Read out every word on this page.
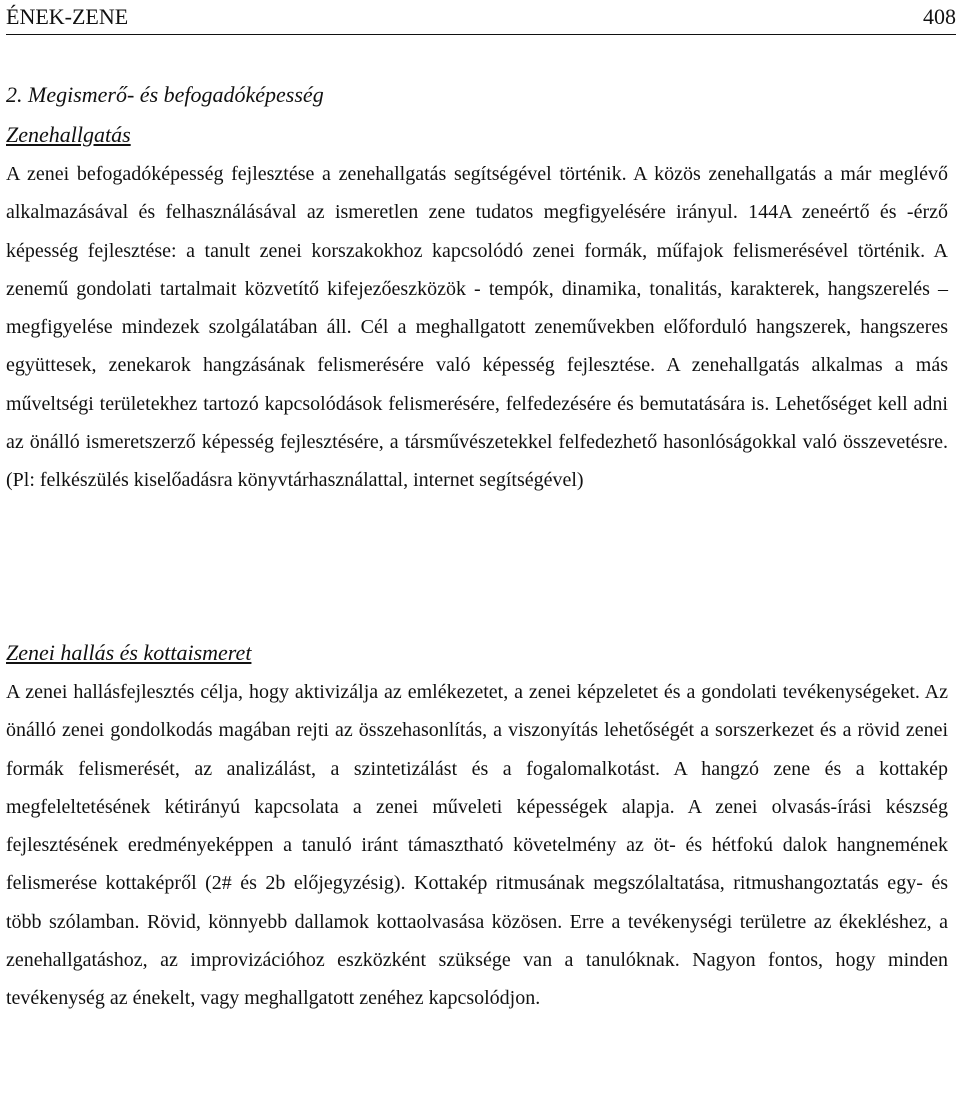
ÉNEK-ZENE	408
2. Megismerő- és befogadóképesség
Zenehallgatás
A zenei befogadóképesség fejlesztése a zenehallgatás segítségével történik. A közös zenehallgatás a már meglévő alkalmazásával és felhasználásával az ismeretlen zene tudatos megfigyelésére irányul. 144A zeneértő és -érző képesség fejlesztése: a tanult zenei korszakokhoz kapcsolódó zenei formák, műfajok felismerésével történik. A zenemű gondolati tartalmait közvetítő kifejezőeszközök - tempók, dinamika, tonalitás, karakterek, hangszerelés – megfigyelése mindezek szolgálatában áll. Cél a meghallgatott zeneművekben előforduló hangszerek, hangszeres együttesek, zenekarok hangzásának felismerésére való képesség fejlesztése. A zenehallgatás alkalmas a más műveltségi területekhez tartozó kapcsolódások felismerésére, felfedezésére és bemutatására is. Lehetőséget kell adni az önálló ismeretszerző képesség fejlesztésére, a társművészetekkel felfedezhető hasonlóságokkal való összevetésre. (Pl: felkészülés kiselőadásra könyvtárhasználattal, internet segítségével)
Zenei hallás és kottaismeret
A zenei hallásfejlesztés célja, hogy aktivizálja az emlékezetet, a zenei képzeletet és a gondolati tevékenységeket. Az önálló zenei gondolkodás magában rejti az összehasonlítás, a viszonyítás lehetőségét a sorszerkezet és a rövid zenei formák felismerését, az analizálást, a szintetizálást és a fogalomalkotást. A hangzó zene és a kottakép megfeleltetésének kétirányú kapcsolata a zenei műveleti képességek alapja. A zenei olvasás-írási készség fejlesztésének eredményeképpen a tanuló iránt támasztható követelmény az öt- és hétfokú dalok hangnemének felismerése kottaképről (2# és 2b előjegyzésig). Kottakép ritmusának megszólaltatása, ritmushangoztatás egy- és több szólamban. Rövid, könnyebb dallamok kottaolvasása közösen. Erre a tevékenységi területre az ékekléshez, a zenehallgatáshoz, az improvizációhoz eszközként szüksége van a tanulóknak. Nagyon fontos, hogy minden tevékenység az énekelt, vagy meghallgatott zenéhez kapcsolódjon.
